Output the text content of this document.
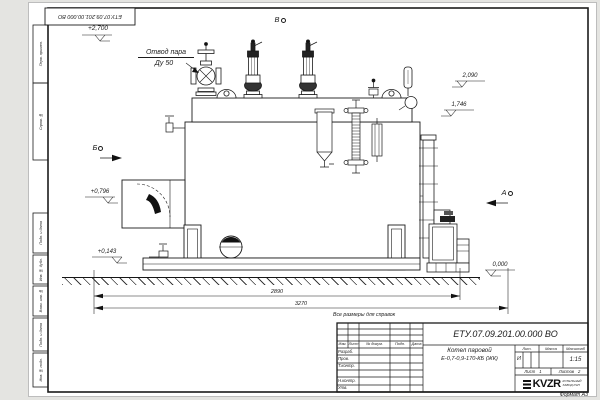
ЕТУ.07.09.201.00.000 ВО
+2,700
Отвод пара
Ду 50
В
Б
А
2,090
1,746
+0,796
+0,143
0,000
2890
3270
Все размеры для справок
Формат А3
ЕТУ.07.09.201.00.000 ВО
Котел паровой
Е-0,7-0,9-170-КБ (ЖК)
Изм. Лист	№ докум.	Подп.	Дата
Разраб.
Пров.
Т.контр.
Н.контр.
Утв.
Лит.	Масса	Масштаб
И	1:15
Лист 1	Листов 2
KVZR КОТЕЛЬНЫЙ
ЗАВОД РЭП
Перв. примен.
Справ. №
Подп. и дата
Инв. № дубл.
Взам. инв. №
Подп. и дата
Инв. № подл.
